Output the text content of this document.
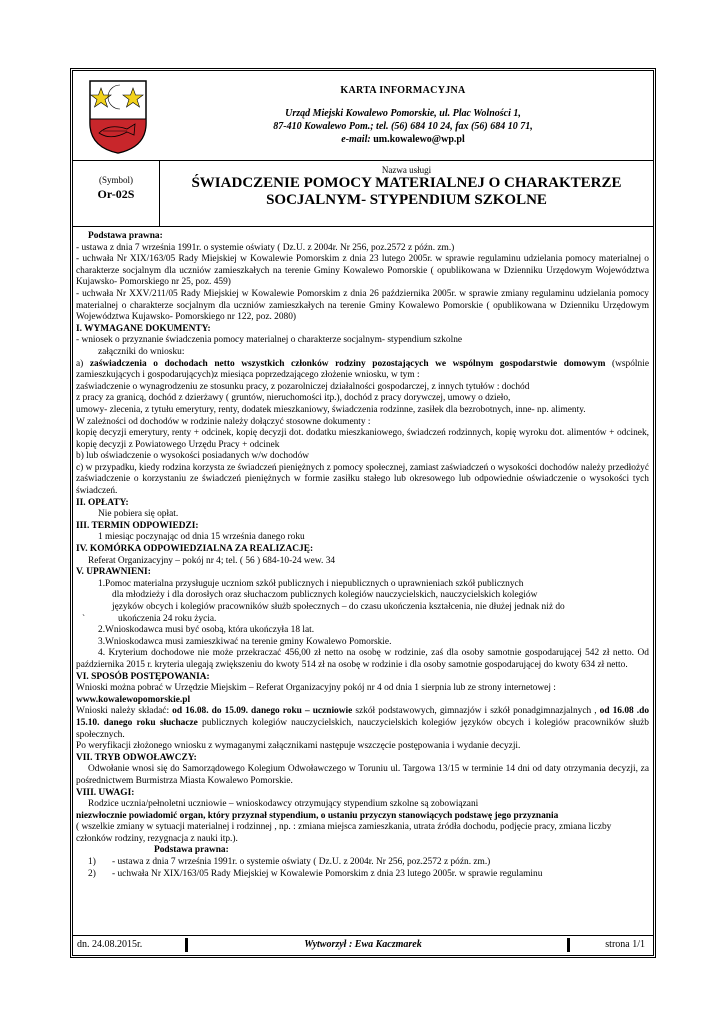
KARTA INFORMACYJNA
Urząd Miejski Kowalewo Pomorskie, ul. Plac Wolności 1,
87-410 Kowalewo Pom.; tel. (56) 684 10 24, fax (56) 684 10 71,
e-mail: um.kowalewo@wp.pl
(Symbol)
Or-02S
Nazwa usługi
ŚWIADCZENIE POMOCY MATERIALNEJ O CHARAKTERZE
SOCJALNYM- STYPENDIUM SZKOLNE

Podstawa prawna:

- ustawa z dnia 7 września 1991r. o systemie oświaty ( Dz.U. z 2004r. Nr 256, poz.2572 z późn. zm.)

- uchwała Nr XIX/163/05 Rady Miejskiej w Kowalewie Pomorskim z dnia 23 lutego 2005r. w sprawie regulaminu udzielania pomocy materialnej o charakterze socjalnym dla uczniów zamieszkałych na terenie Gminy Kowalewo Pomorskie ( opublikowana w Dzienniku Urzędowym Województwa Kujawsko- Pomorskiego nr 25, poz. 459)

- uchwała Nr XXV/211/05 Rady Miejskiej w Kowalewie Pomorskim z dnia 26 października 2005r. w sprawie zmiany regulaminu udzielania pomocy materialnej o charakterze socjalnym dla uczniów zamieszkałych na terenie Gminy Kowalewo Pomorskie ( opublikowana w Dzienniku Urzędowym Województwa Kujawsko- Pomorskiego nr 122, poz. 2080)

I. WYMAGANE DOKUMENTY:

- wniosek o przyznanie świadczenia pomocy materialnej o charakterze socjalnym- stypendium szkolne

załączniki do wniosku:

a) zaświadczenia o dochodach netto wszystkich członków rodziny pozostających we wspólnym gospodarstwie domowym (wspólnie zamieszkujących i gospodarujących)z miesiąca poprzedzającego złożenie wniosku, w tym :

zaświadczenie o wynagrodzeniu ze stosunku pracy, z pozarolniczej działalności gospodarczej, z innych tytułów : dochód

z pracy za granicą, dochód z dzierżawy ( gruntów, nieruchomości itp.), dochód z pracy dorywczej, umowy o dzieło,

umowy- zlecenia, z tytułu emerytury, renty, dodatek mieszkaniowy, świadczenia rodzinne, zasiłek dla bezrobotnych, inne- np. alimenty.

W zależności od dochodów w rodzinie należy dołączyć stosowne dokumenty :

kopię decyzji emerytury, renty + odcinek, kopię decyzji dot. dodatku mieszkaniowego, świadczeń rodzinnych, kopię wyroku dot. alimentów + odcinek, kopię decyzji z Powiatowego Urzędu Pracy + odcinek

b) lub oświadczenie o wysokości posiadanych w/w dochodów

c) w przypadku, kiedy rodzina korzysta ze świadczeń pieniężnych z pomocy społecznej, zamiast zaświadczeń o wysokości dochodów należy przedłożyć zaświadczenie o korzystaniu ze świadczeń pieniężnych w formie zasiłku stałego lub okresowego lub odpowiednie oświadczenie o wysokości tych świadczeń.

II. OPŁATY:

Nie pobiera się opłat.

III. TERMIN ODPOWIEDZI:

1 miesiąc poczynając od dnia 15 września danego roku

IV. KOMÓRKA ODPOWIEDZIALNA ZA REALIZACJĘ:

Referat Organizacyjny – pokój nr 4; tel. ( 56 ) 684-10-24 wew. 34

V. UPRAWNIENI:

1.Pomoc materialna przysługuje uczniom szkół publicznych i niepublicznych o uprawnieniach szkół publicznych

dla młodzieży i dla dorosłych oraz słuchaczom publicznych kolegiów nauczycielskich, nauczycielskich kolegiów

języków obcych i kolegiów pracowników służb społecznych – do czasu ukończenia kształcenia, nie dłużej jednak niż do

`	ukończenia 24 roku życia.

2.Wnioskodawca musi być osobą, która ukończyła 18 lat.

3.Wnioskodawca musi zamieszkiwać na terenie gminy Kowalewo Pomorskie.

4. Kryterium dochodowe nie może przekraczać 456,00 zł netto na osobę w rodzinie, zaś dla osoby samotnie gospodarującej 542 zł netto. Od października 2015 r. kryteria ulegają zwiększeniu do kwoty 514 zł na osobę w rodzinie i dla osoby samotnie gospodarującej do kwoty 634 zł netto.

VI. SPOSÓB POSTĘPOWANIA:

Wnioski można pobrać w Urzędzie Miejskim – Referat Organizacyjny pokój nr 4 od dnia 1 sierpnia lub ze strony internetowej :

www.kowalewopomorskie.pl

Wnioski należy składać: od 16.08. do 15.09. danego roku – uczniowie szkół podstawowych, gimnazjów i szkół ponadgimnazjalnych , od 16.08 .do 15.10. danego roku słuchacze publicznych kolegiów nauczycielskich, nauczycielskich kolegiów języków obcych i kolegiów pracowników służb społecznych.

Po weryfikacji złożonego wniosku z wymaganymi załącznikami następuje wszczęcie postępowania i wydanie decyzji.

VII. TRYB ODWOŁAWCZY:

Odwołanie wnosi się do Samorządowego Kolegium Odwoławczego w Toruniu ul. Targowa 13/15 w terminie 14 dni od daty otrzymania decyzji, za pośrednictwem Burmistrza Miasta Kowalewo Pomorskie.

VIII. UWAGI:

Rodzice ucznia/pełnoletni uczniowie – wnioskodawcy otrzymujący stypendium szkolne są zobowiązani

niezwłocznie powiadomić organ, który przyznał stypendium, o ustaniu przyczyn stanowiących podstawę jego przyznania

( wszelkie zmiany w sytuacji materialnej i rodzinnej , np. : zmiana miejsca zamieszkania, utrata źródła dochodu, podjęcie pracy, zmiana liczby członków rodziny, rezygnacja z nauki itp.).

Podstawa prawna:

1) - ustawa z dnia 7 września 1991r. o systemie oświaty ( Dz.U. z 2004r. Nr 256, poz.2572 z późn. zm.)

2) - uchwała Nr XIX/163/05 Rady Miejskiej w Kowalewie Pomorskim z dnia 23 lutego 2005r. w sprawie regulaminu

dn. 24.08.2015r.	Wytworzył : Ewa Kaczmarek	strona 1/1
